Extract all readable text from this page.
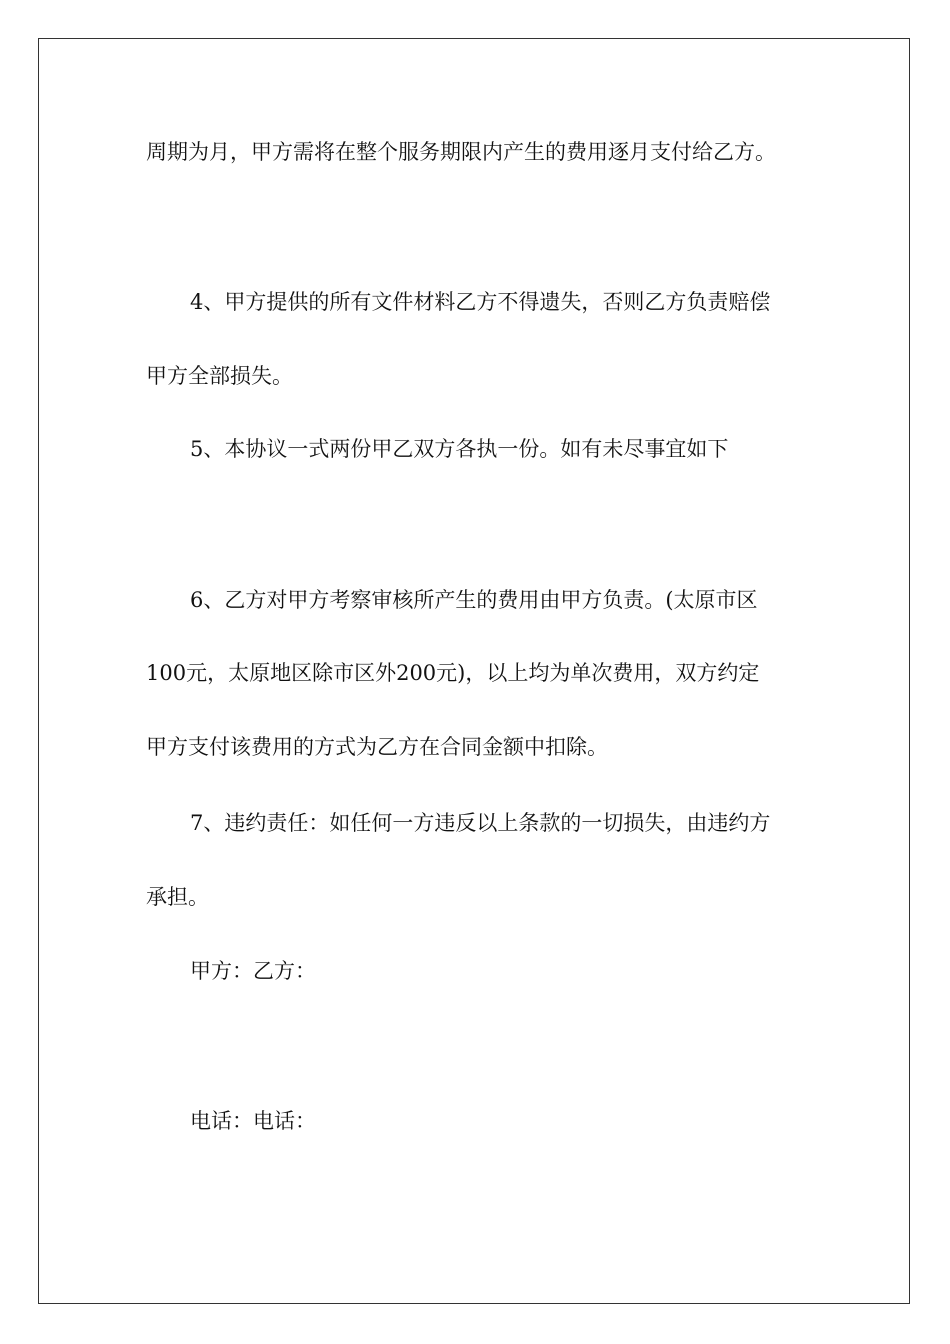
周期为月，甲方需将在整个服务期限内产生的费用逐月支付给乙方。
4、甲方提供的所有文件材料乙方不得遗失，否则乙方负责赔偿
甲方全部损失。
5、本协议一式两份甲乙双方各执一份。如有未尽事宜如下
6、乙方对甲方考察审核所产生的费用由甲方负责。(太原市区
100元，太原地区除市区外200元)，以上均为单次费用，双方约定
甲方支付该费用的方式为乙方在合同金额中扣除。
7、违约责任：如任何一方违反以上条款的一切损失，由违约方
承担。
甲方：乙方：
电话：电话：
